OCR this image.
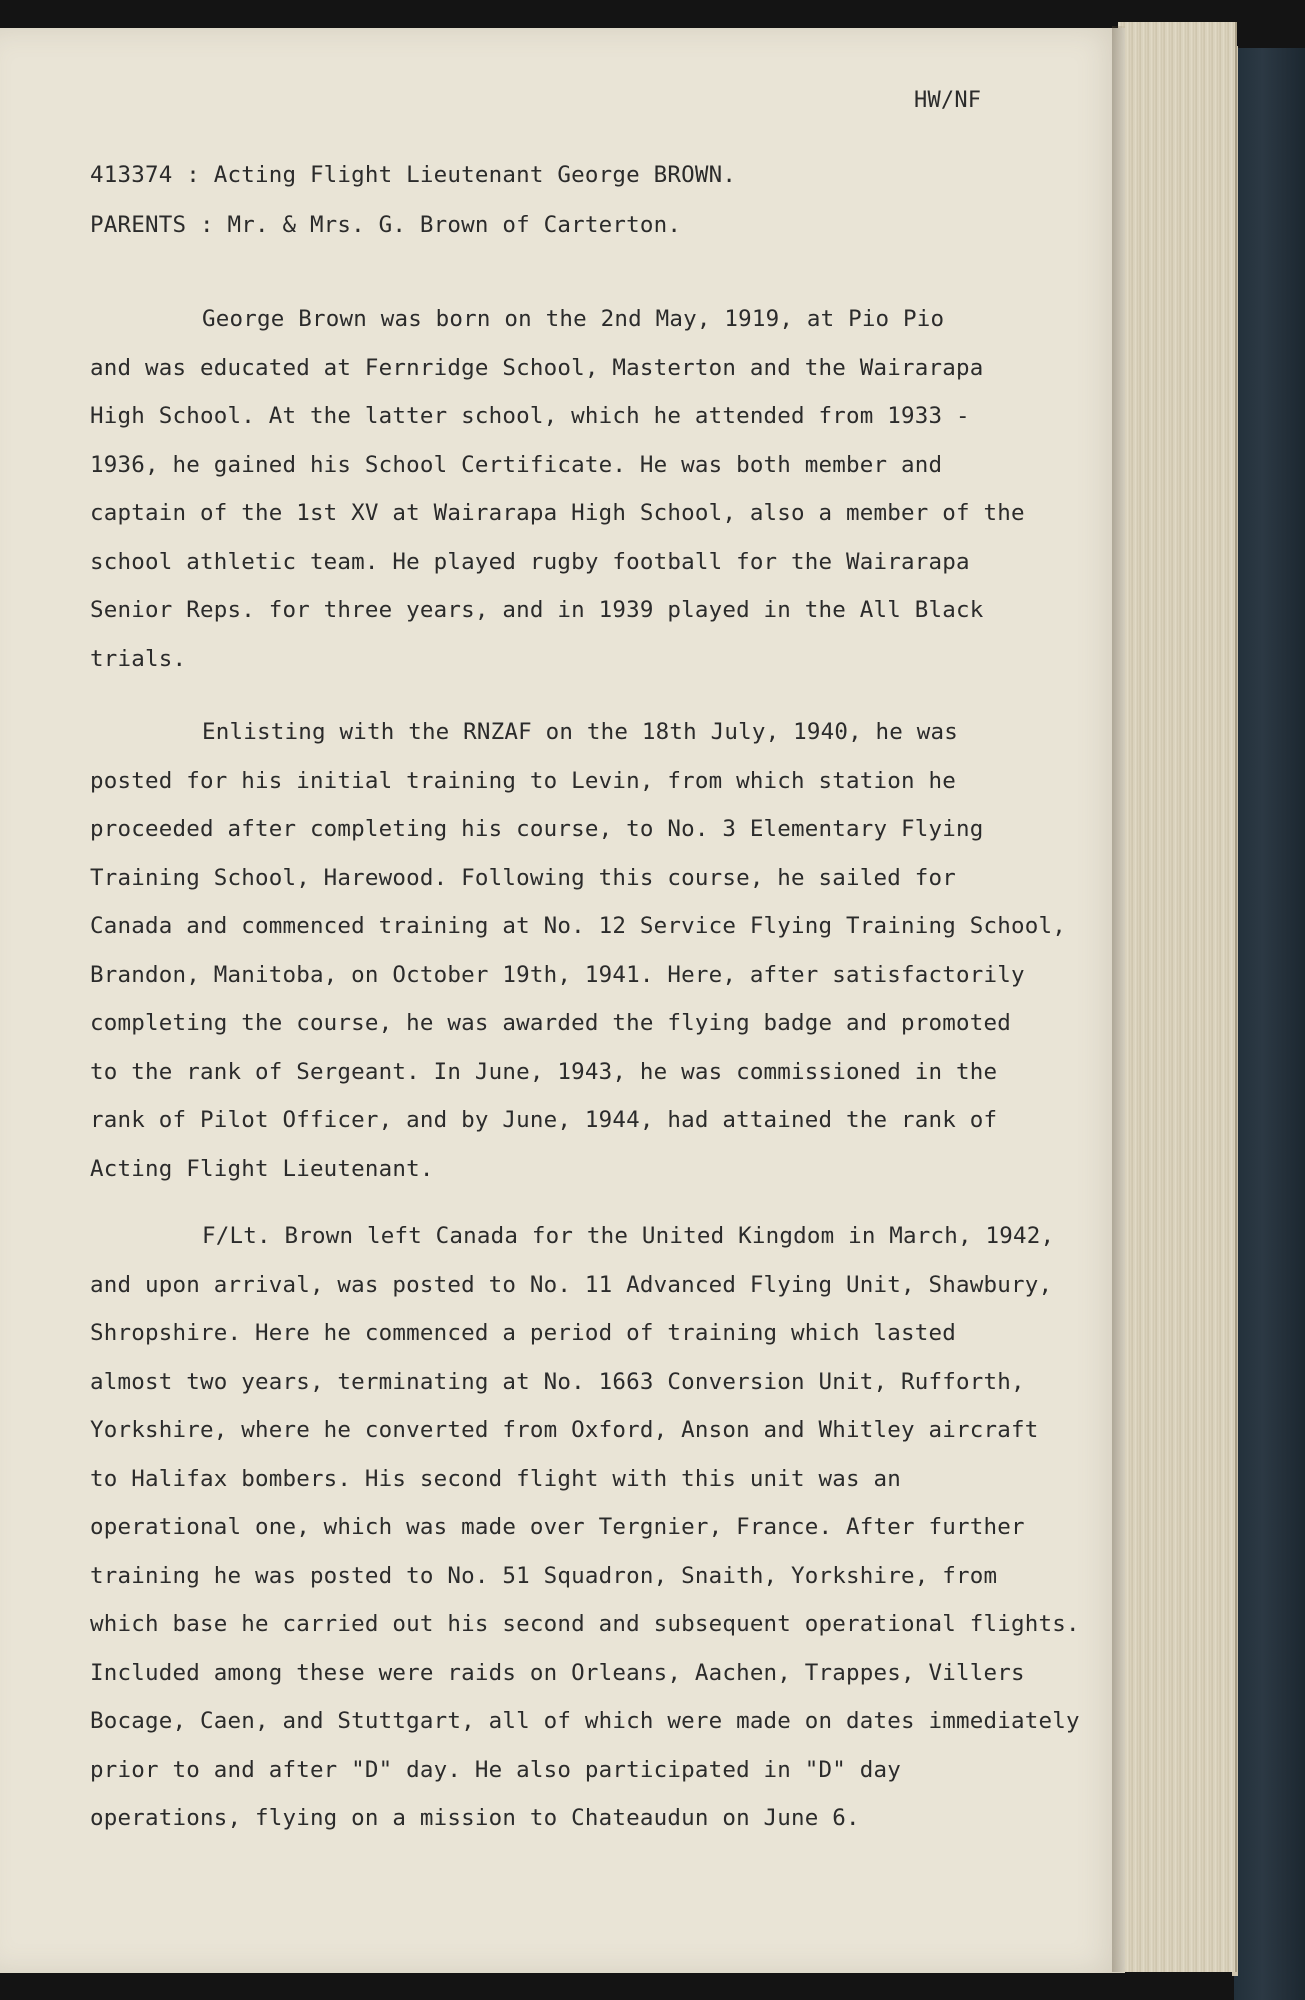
HW/NF
413374 : Acting Flight Lieutenant George BROWN.
PARENTS : Mr. & Mrs. G. Brown of Carterton.
George Brown was born on the 2nd May, 1919, at Pio Pio
and was educated at Fernridge School, Masterton and the Wairarapa
High School. At the latter school, which he attended from 1933 -
1936, he gained his School Certificate. He was both member and
captain of the 1st XV at Wairarapa High School, also a member of the
school athletic team. He played rugby football for the Wairarapa
Senior Reps. for three years, and in 1939 played in the All Black
trials.
Enlisting with the RNZAF on the 18th July, 1940, he was
posted for his initial training to Levin, from which station he
proceeded after completing his course, to No. 3 Elementary Flying
Training School, Harewood. Following this course, he sailed for
Canada and commenced training at No. 12 Service Flying Training School,
Brandon, Manitoba, on October 19th, 1941. Here, after satisfactorily
completing the course, he was awarded the flying badge and promoted
to the rank of Sergeant. In June, 1943, he was commissioned in the
rank of Pilot Officer, and by June, 1944, had attained the rank of
Acting Flight Lieutenant.
F/Lt. Brown left Canada for the United Kingdom in March, 1942,
and upon arrival, was posted to No. 11 Advanced Flying Unit, Shawbury,
Shropshire. Here he commenced a period of training which lasted
almost two years, terminating at No. 1663 Conversion Unit, Rufforth,
Yorkshire, where he converted from Oxford, Anson and Whitley aircraft
to Halifax bombers. His second flight with this unit was an
operational one, which was made over Tergnier, France. After further
training he was posted to No. 51 Squadron, Snaith, Yorkshire, from
which base he carried out his second and subsequent operational flights.
Included among these were raids on Orleans, Aachen, Trappes, Villers
Bocage, Caen, and Stuttgart, all of which were made on dates immediately
prior to and after "D" day. He also participated in "D" day
operations, flying on a mission to Chateaudun on June 6.
